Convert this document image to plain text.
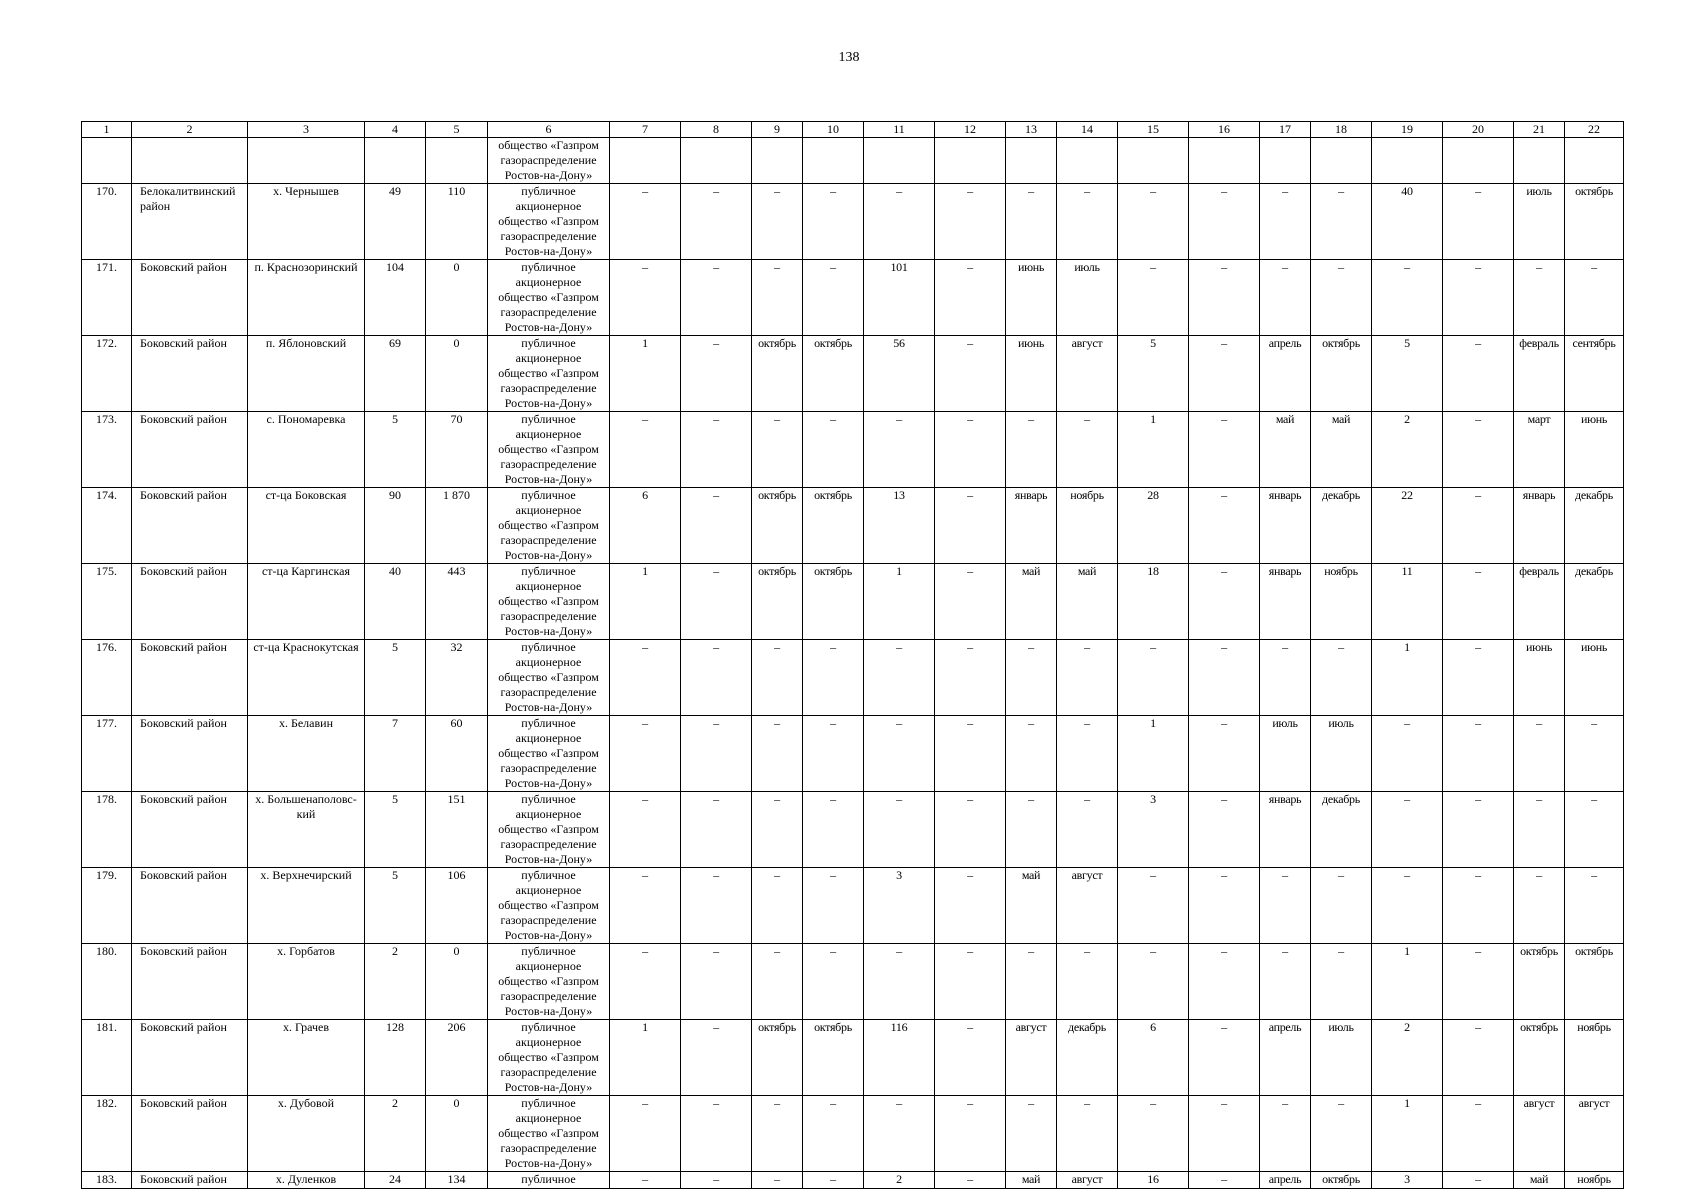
138
1	2	3	4	5	6	7	8	9	10	11	12	13	14	15	16	17	18	19	20	21	22
					общество «Газпром газораспределение Ростов-на-Дону»																
170.	Белокалитвинский район	х. Чернышев	49	110	публичное акционерное общество «Газпром газораспределение Ростов-на-Дону»	–	–	–	–	–	–	–	–	–	–	–	–	40	–	июль	октябрь
171.	Боковский район	п. Краснозоринский	104	0	публичное акционерное общество «Газпром газораспределение Ростов-на-Дону»	–	–	–	–	101	–	июнь	июль	–	–	–	–	–	–	–	–
172.	Боковский район	п. Яблоновский	69	0	публичное акционерное общество «Газпром газораспределение Ростов-на-Дону»	1	–	октябрь	октябрь	56	–	июнь	август	5	–	апрель	октябрь	5	–	февраль	сентябрь
173.	Боковский район	с. Пономаревка	5	70	публичное акционерное общество «Газпром газораспределение Ростов-на-Дону»	–	–	–	–	–	–	–	–	1	–	май	май	2	–	март	июнь
174.	Боковский район	ст-ца Боковская	90	1 870	публичное акционерное общество «Газпром газораспределение Ростов-на-Дону»	6	–	октябрь	октябрь	13	–	январь	ноябрь	28	–	январь	декабрь	22	–	январь	декабрь
175.	Боковский район	ст-ца Каргинская	40	443	публичное акционерное общество «Газпром газораспределение Ростов-на-Дону»	1	–	октябрь	октябрь	1	–	май	май	18	–	январь	ноябрь	11	–	февраль	декабрь
176.	Боковский район	ст-ца Краснокутская	5	32	публичное акционерное общество «Газпром газораспределение Ростов-на-Дону»	–	–	–	–	–	–	–	–	–	–	–	–	1	–	июнь	июнь
177.	Боковский район	х. Белавин	7	60	публичное акционерное общество «Газпром газораспределение Ростов-на-Дону»	–	–	–	–	–	–	–	–	1	–	июль	июль	–	–	–	–
178.	Боковский район	х. Большенаполовс-кий	5	151	публичное акционерное общество «Газпром газораспределение Ростов-на-Дону»	–	–	–	–	–	–	–	–	3	–	январь	декабрь	–	–	–	–
179.	Боковский район	х. Верхнечирский	5	106	публичное акционерное общество «Газпром газораспределение Ростов-на-Дону»	–	–	–	–	3	–	май	август	–	–	–	–	–	–	–	–
180.	Боковский район	х. Горбатов	2	0	публичное акционерное общество «Газпром газораспределение Ростов-на-Дону»	–	–	–	–	–	–	–	–	–	–	–	–	1	–	октябрь	октябрь
181.	Боковский район	х. Грачев	128	206	публичное акционерное общество «Газпром газораспределение Ростов-на-Дону»	1	–	октябрь	октябрь	116	–	август	декабрь	6	–	апрель	июль	2	–	октябрь	ноябрь
182.	Боковский район	х. Дубовой	2	0	публичное акционерное общество «Газпром газораспределение Ростов-на-Дону»	–	–	–	–	–	–	–	–	–	–	–	–	1	–	август	август
183.	Боковский район	х. Дуленков	24	134	публичное	–	–	–	–	2	–	май	август	16	–	апрель	октябрь	3	–	май	ноябрь
